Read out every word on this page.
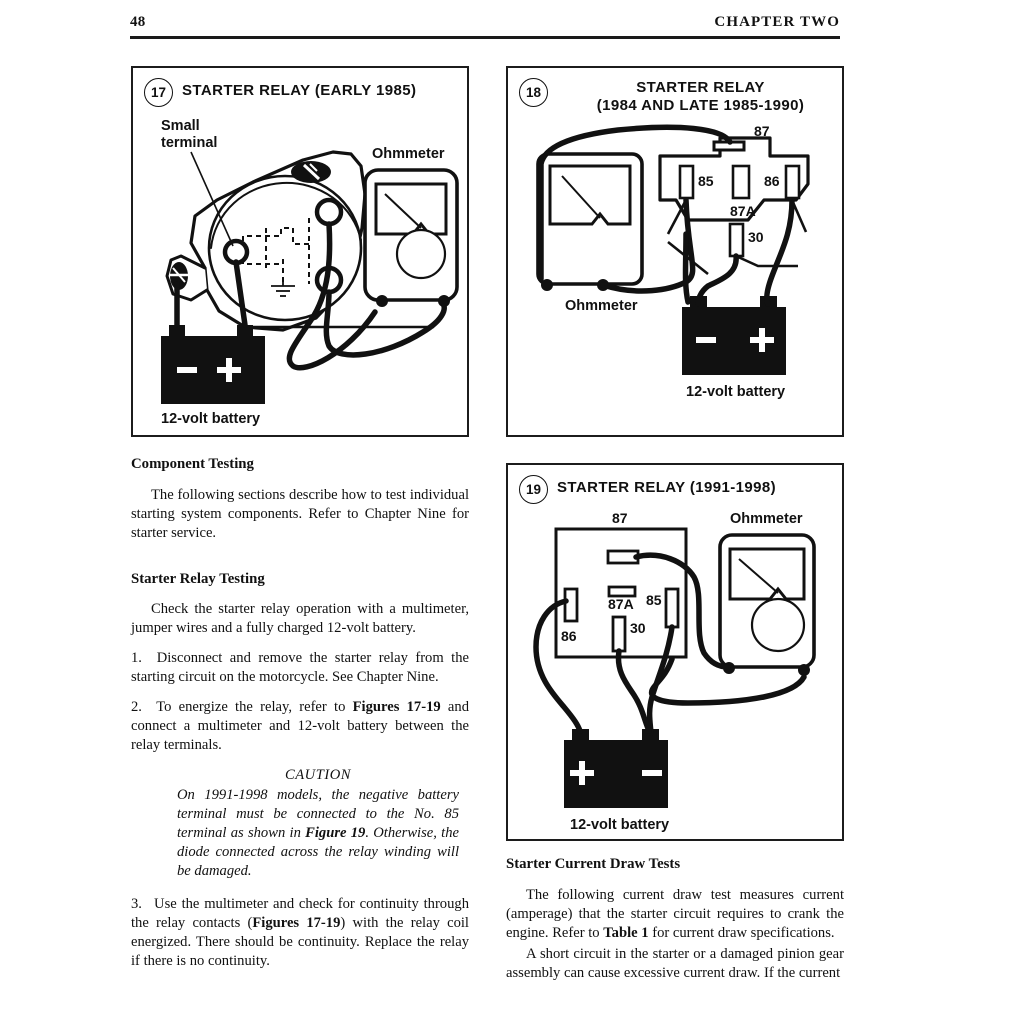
48	CHAPTER TWO
17	STARTER RELAY (EARLY 1985)
Small
terminal
Ohmmeter
12-volt battery
18	STARTER RELAY
(1984 AND LATE 1985-1990)
87
85
87A
86
30
Ohmmeter
12-volt battery
19	STARTER RELAY (1991-1998)
87
87A
86
85
30
Ohmmeter
12-volt battery
Component Testing

The following sections describe how to test individual starting system components. Refer to Chapter Nine for starter service.

Starter Relay Testing

Check the starter relay operation with a multimeter, jumper wires and a fully charged 12-volt battery.

1.  Disconnect and remove the starter relay from the starting circuit on the motorcycle. See Chapter Nine.

2.  To energize the relay, refer to Figures 17-19 and connect a multimeter and 12-volt battery between the relay terminals.

CAUTION
On 1991-1998 models, the negative battery terminal must be connected to the No. 85 terminal as shown in Figure 19. Otherwise, the diode connected across the relay winding will be damaged.

3.  Use the multimeter and check for continuity through the relay contacts (Figures 17-19) with the relay coil energized. There should be continuity. Replace the relay if there is no continuity.

Starter Current Draw Tests

The following current draw test measures current (amperage) that the starter circuit requires to crank the engine. Refer to Table 1 for current draw specifications.

A short circuit in the starter or a damaged pinion gear assembly can cause excessive current draw. If the current
